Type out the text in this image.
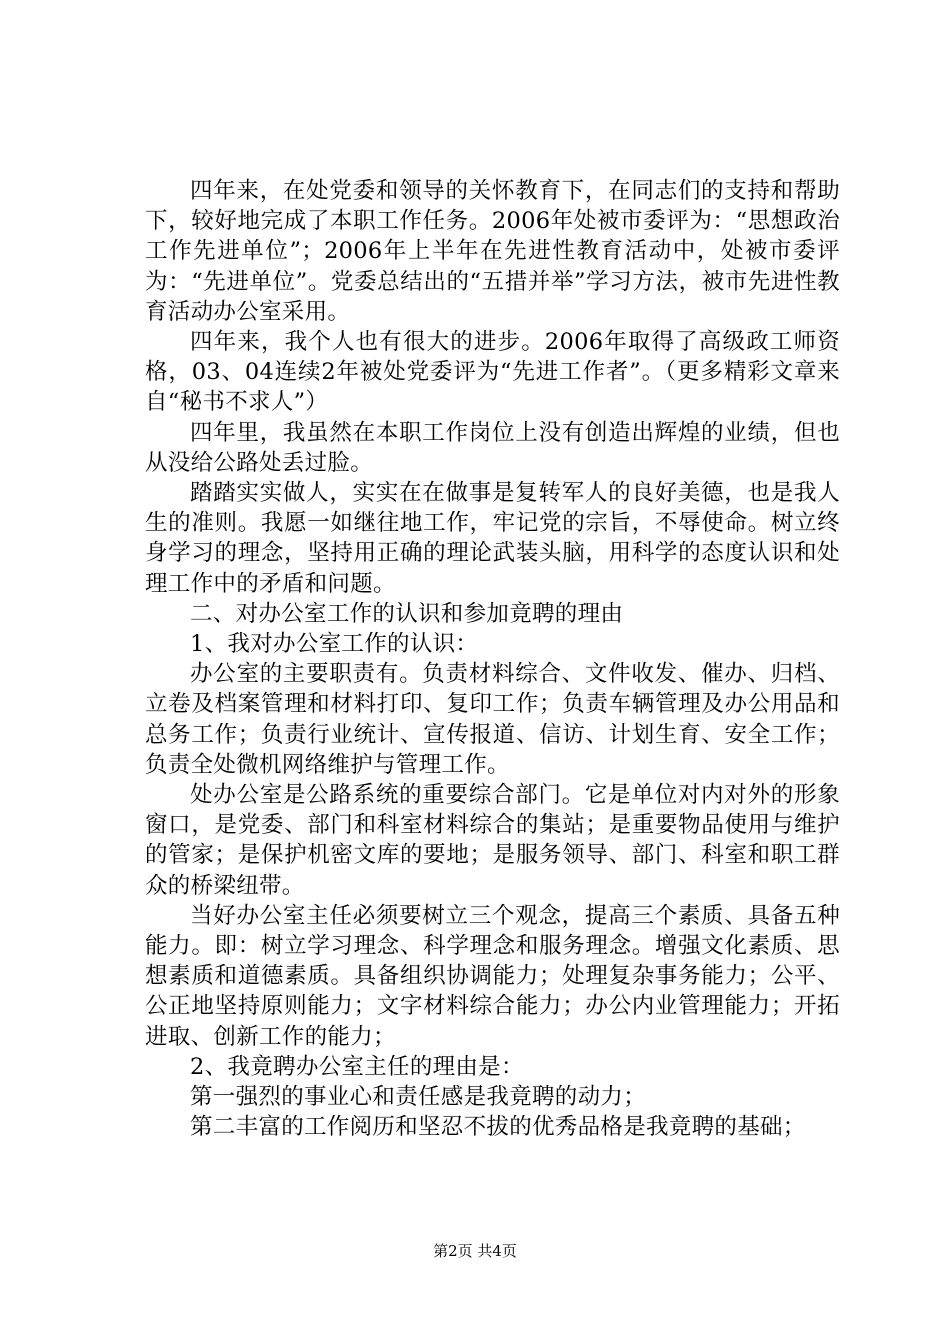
四年来，在处党委和领导的关怀教育下，在同志们的支持和帮助下，较好地完成了本职工作任务。2006年处被市委评为：“思想政治工作先进单位”；2006年上半年在先进性教育活动中，处被市委评为：“先进单位”。党委总结出的“五措并举”学习方法，被市先进性教育活动办公室采用。

四年来，我个人也有很大的进步。2006年取得了高级政工师资格，03、04连续2年被处党委评为“先进工作者”。（更多精彩文章来自“秘书不求人”）

四年里，我虽然在本职工作岗位上没有创造出辉煌的业绩，但也从没给公路处丢过脸。

踏踏实实做人，实实在在做事是复转军人的良好美德，也是我人生的准则。我愿一如继往地工作，牢记党的宗旨，不辱使命。树立终身学习的理念，坚持用正确的理论武装头脑，用科学的态度认识和处理工作中的矛盾和问题。

二、对办公室工作的认识和参加竟聘的理由

1、我对办公室工作的认识：

办公室的主要职责有。负责材料综合、文件收发、催办、归档、立卷及档案管理和材料打印、复印工作；负责车辆管理及办公用品和总务工作；负责行业统计、宣传报道、信访、计划生育、安全工作；负责全处微机网络维护与管理工作。

处办公室是公路系统的重要综合部门。它是单位对内对外的形象窗口，是党委、部门和科室材料综合的集站；是重要物品使用与维护的管家；是保护机密文库的要地；是服务领导、部门、科室和职工群众的桥梁纽带。

当好办公室主任必须要树立三个观念，提高三个素质、具备五种能力。即：树立学习理念、科学理念和服务理念。增强文化素质、思想素质和道德素质。具备组织协调能力；处理复杂事务能力；公平、公正地坚持原则能力；文字材料综合能力；办公内业管理能力；开拓进取、创新工作的能力；

2、我竟聘办公室主任的理由是：

第一强烈的事业心和责任感是我竟聘的动力；

第二丰富的工作阅历和坚忍不拔的优秀品格是我竟聘的基础；

第2页 共4页
